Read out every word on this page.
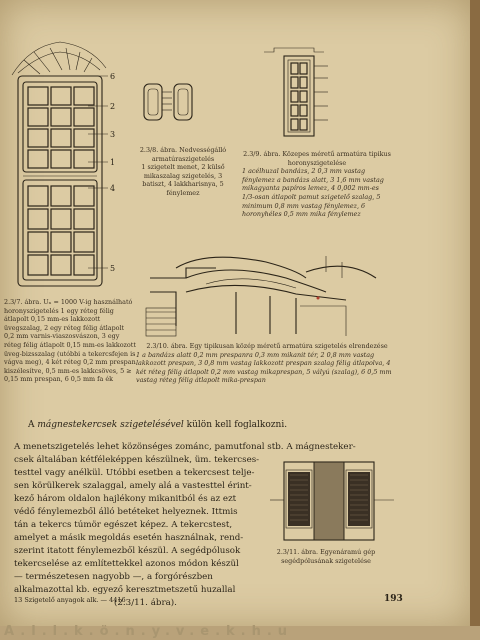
6
2
3
1
4
5
2.3/7. ábra. Uₙ = 1000 V-ig használható horonyszigetelés 1 egy réteg félig átlapolt 0,15 mm-es lakkozott üvegszalag, 2 egy réteg félig átlapolt 0,2 mm varnis-viaszosvászon, 3 egy réteg félig átlapolt 0,15 mm-es lakkozott üveg-bizsszalag (utóbbi a tekercsfejen is vágva meg), 4 két réteg 0,2 mm prespan kiszélesítve, 0,5 mm-es lakkcsöves, 5 ≥ 0,15 mm prespan, 6 0,5 mm fa ék
2.3/8. ábra. Nedvességálló armatúraszigetelés
1 szigetelt menet, 2 külső mikaszalag szigetelés, 3 batiszt, 4 lakkharisnya, 5 fénylemez
2.3/9. ábra. Közepes méretű armatúra tipikus horonyszigetelése
1 acélhuzal bandázs, 2 0,3 mm vastag fénylemez a bandázs alatt, 3 1,6 mm vastag mikagyanta papíros lemez, 4 0,002 mm-es 1/3-osan átlapolt pamut szigetelő szalag, 5 minimum 0,8 mm vastag fénylemez, 6 horonyhéles 0,5 mm mika fénylemez
2.3/10. ábra. Egy tipikusan közép méretű armatúra szigetelés elrendezése
1 a bandázs alatt 0,2 mm prespanra 0,3 mm mikanit tér, 2 0,8 mm vastag lakkozott prespan, 3 0,8 mm vastag lakkozott prespan szalag félig átlapolva, 4 két réteg félig átlapolt 0,2 mm vastag mikaprespan, 5 vályú (szalag), 6 0,5 mm vastag réteg félig átlapolt mika-prespan
A mágnestekercsek szigetelésével külön kell foglalkozni.
A menetszigetelés lehet közönséges zománc, pamutfonal stb. A mágnesteker-
csek általában kétféleképpen készülnek, üm. tekercses-
testtel vagy anélkül. Utóbbi esetben a tekercsest telje-
sen körülkerek szalaggal, amely alá a vastesttel érint-
kező három oldalon hajlékony mikanitból és az ezt
védő fénylemezből álló betéteket helyeznek. Ittmis
tán a tekercs túmör egészet képez. A tekercstest,
amelyet a másik megoldás esetén használnak, rend-
szerint itatott fénylemezből készül. A segédpólusok
tekercselése az említettekkel azonos módon készül
— természetesen nagyobb —, a forgórészben
alkalmazottal kb. egyező keresztmetszetű huzallal
(2.3/11. ábra).
2.3/11. ábra. Egyenáramú gép segédpólusának szigetelése
13 Szigetelő anyagok alk. — 4416	193
A.l.l.k.ö.n.y.v.e.k.h.u
